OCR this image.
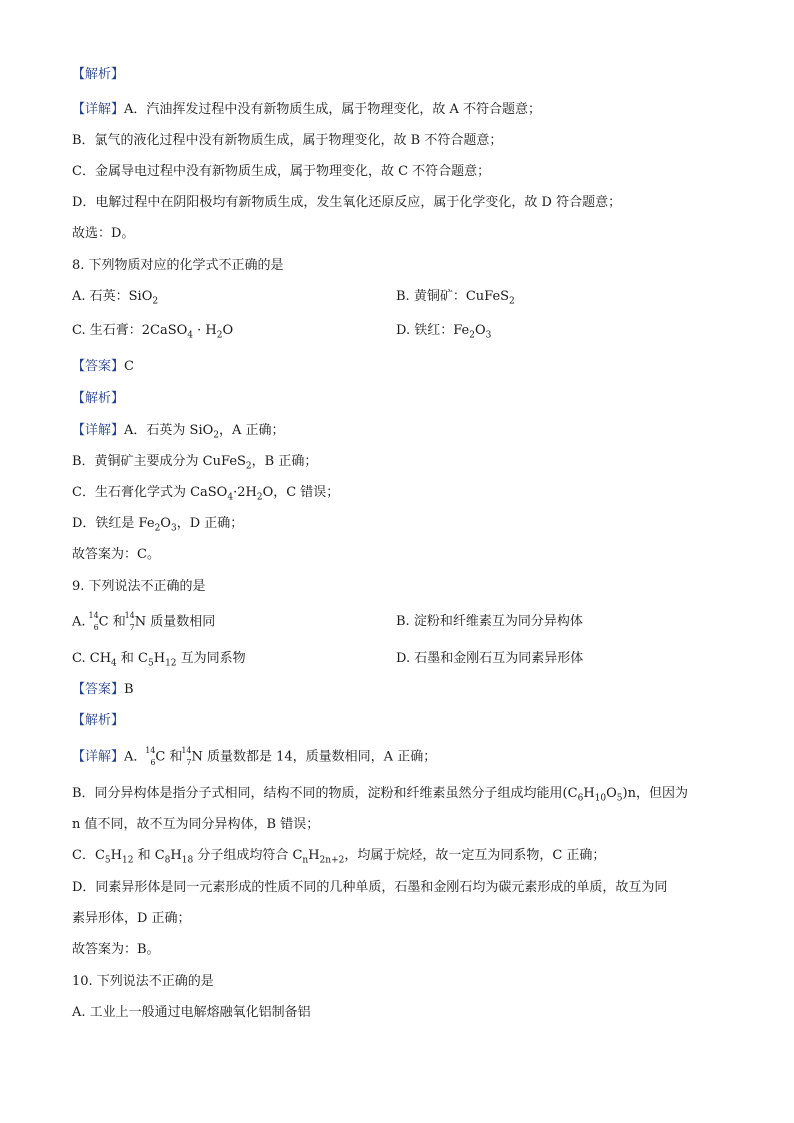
【解析】
【详解】A．汽油挥发过程中没有新物质生成，属于物理变化，故 A 不符合题意；
B．氯气的液化过程中没有新物质生成，属于物理变化，故 B 不符合题意；
C．金属导电过程中没有新物质生成，属于物理变化，故 C 不符合题意；
D．电解过程中在阴阳极均有新物质生成，发生氧化还原反应，属于化学变化，故 D 符合题意；
故选：D。
8. 下列物质对应的化学式不正确的是
A. 石英：SiO$_2$	B. 黄铜矿：CuFeS$_2$
C. 生石膏：2CaSO$_4$ · $H_2O$	D. 铁红：$Fe_2O_3$
【答案】C
【解析】
【详解】A．石英为 SiO$_2$，A 正确；
B．黄铜矿主要成分为 CuFeS$_2$，B 正确；
C．生石膏化学式为 $CaSO_4\cdot 2H_2O$，C 错误；
D．铁红是 $Fe_2O_3$，D 正确；
故答案为：C。
9. 下列说法不正确的是
A. 14
6 C 和
14
7 N 质量数相同	B. 淀粉和纤维素互为同分异构体
C. $CH_4$ 和 $C_5H_{12}$ 互为同系物	D. 石墨和金刚石互为同素异形体
【答案】B
【解析】
【详解】A．
14
6 C 和
14
7 N 质量数都是 14，质量数相同，A 正确；
B．同分异构体是指分子式相同，结构不同的物质，淀粉和纤维素虽然分子组成均能用$(C_6H_{10}O_5)n$，但因为
n 值不同，故不互为同分异构体，B 错误；
C．$C_5H_{12}$ 和 $C_8H_{18}$ 分子组成均符合 $C_nH_{2n+2}$，均属于烷烃，故一定互为同系物，C 正确；
D．同素异形体是同一元素形成的性质不同的几种单质，石墨和金刚石均为碳元素形成的单质，故互为同
素异形体，D 正确；
故答案为：B。
10. 下列说法不正确的是
A. 工业上一般通过电解熔融氧化铝制备铝
